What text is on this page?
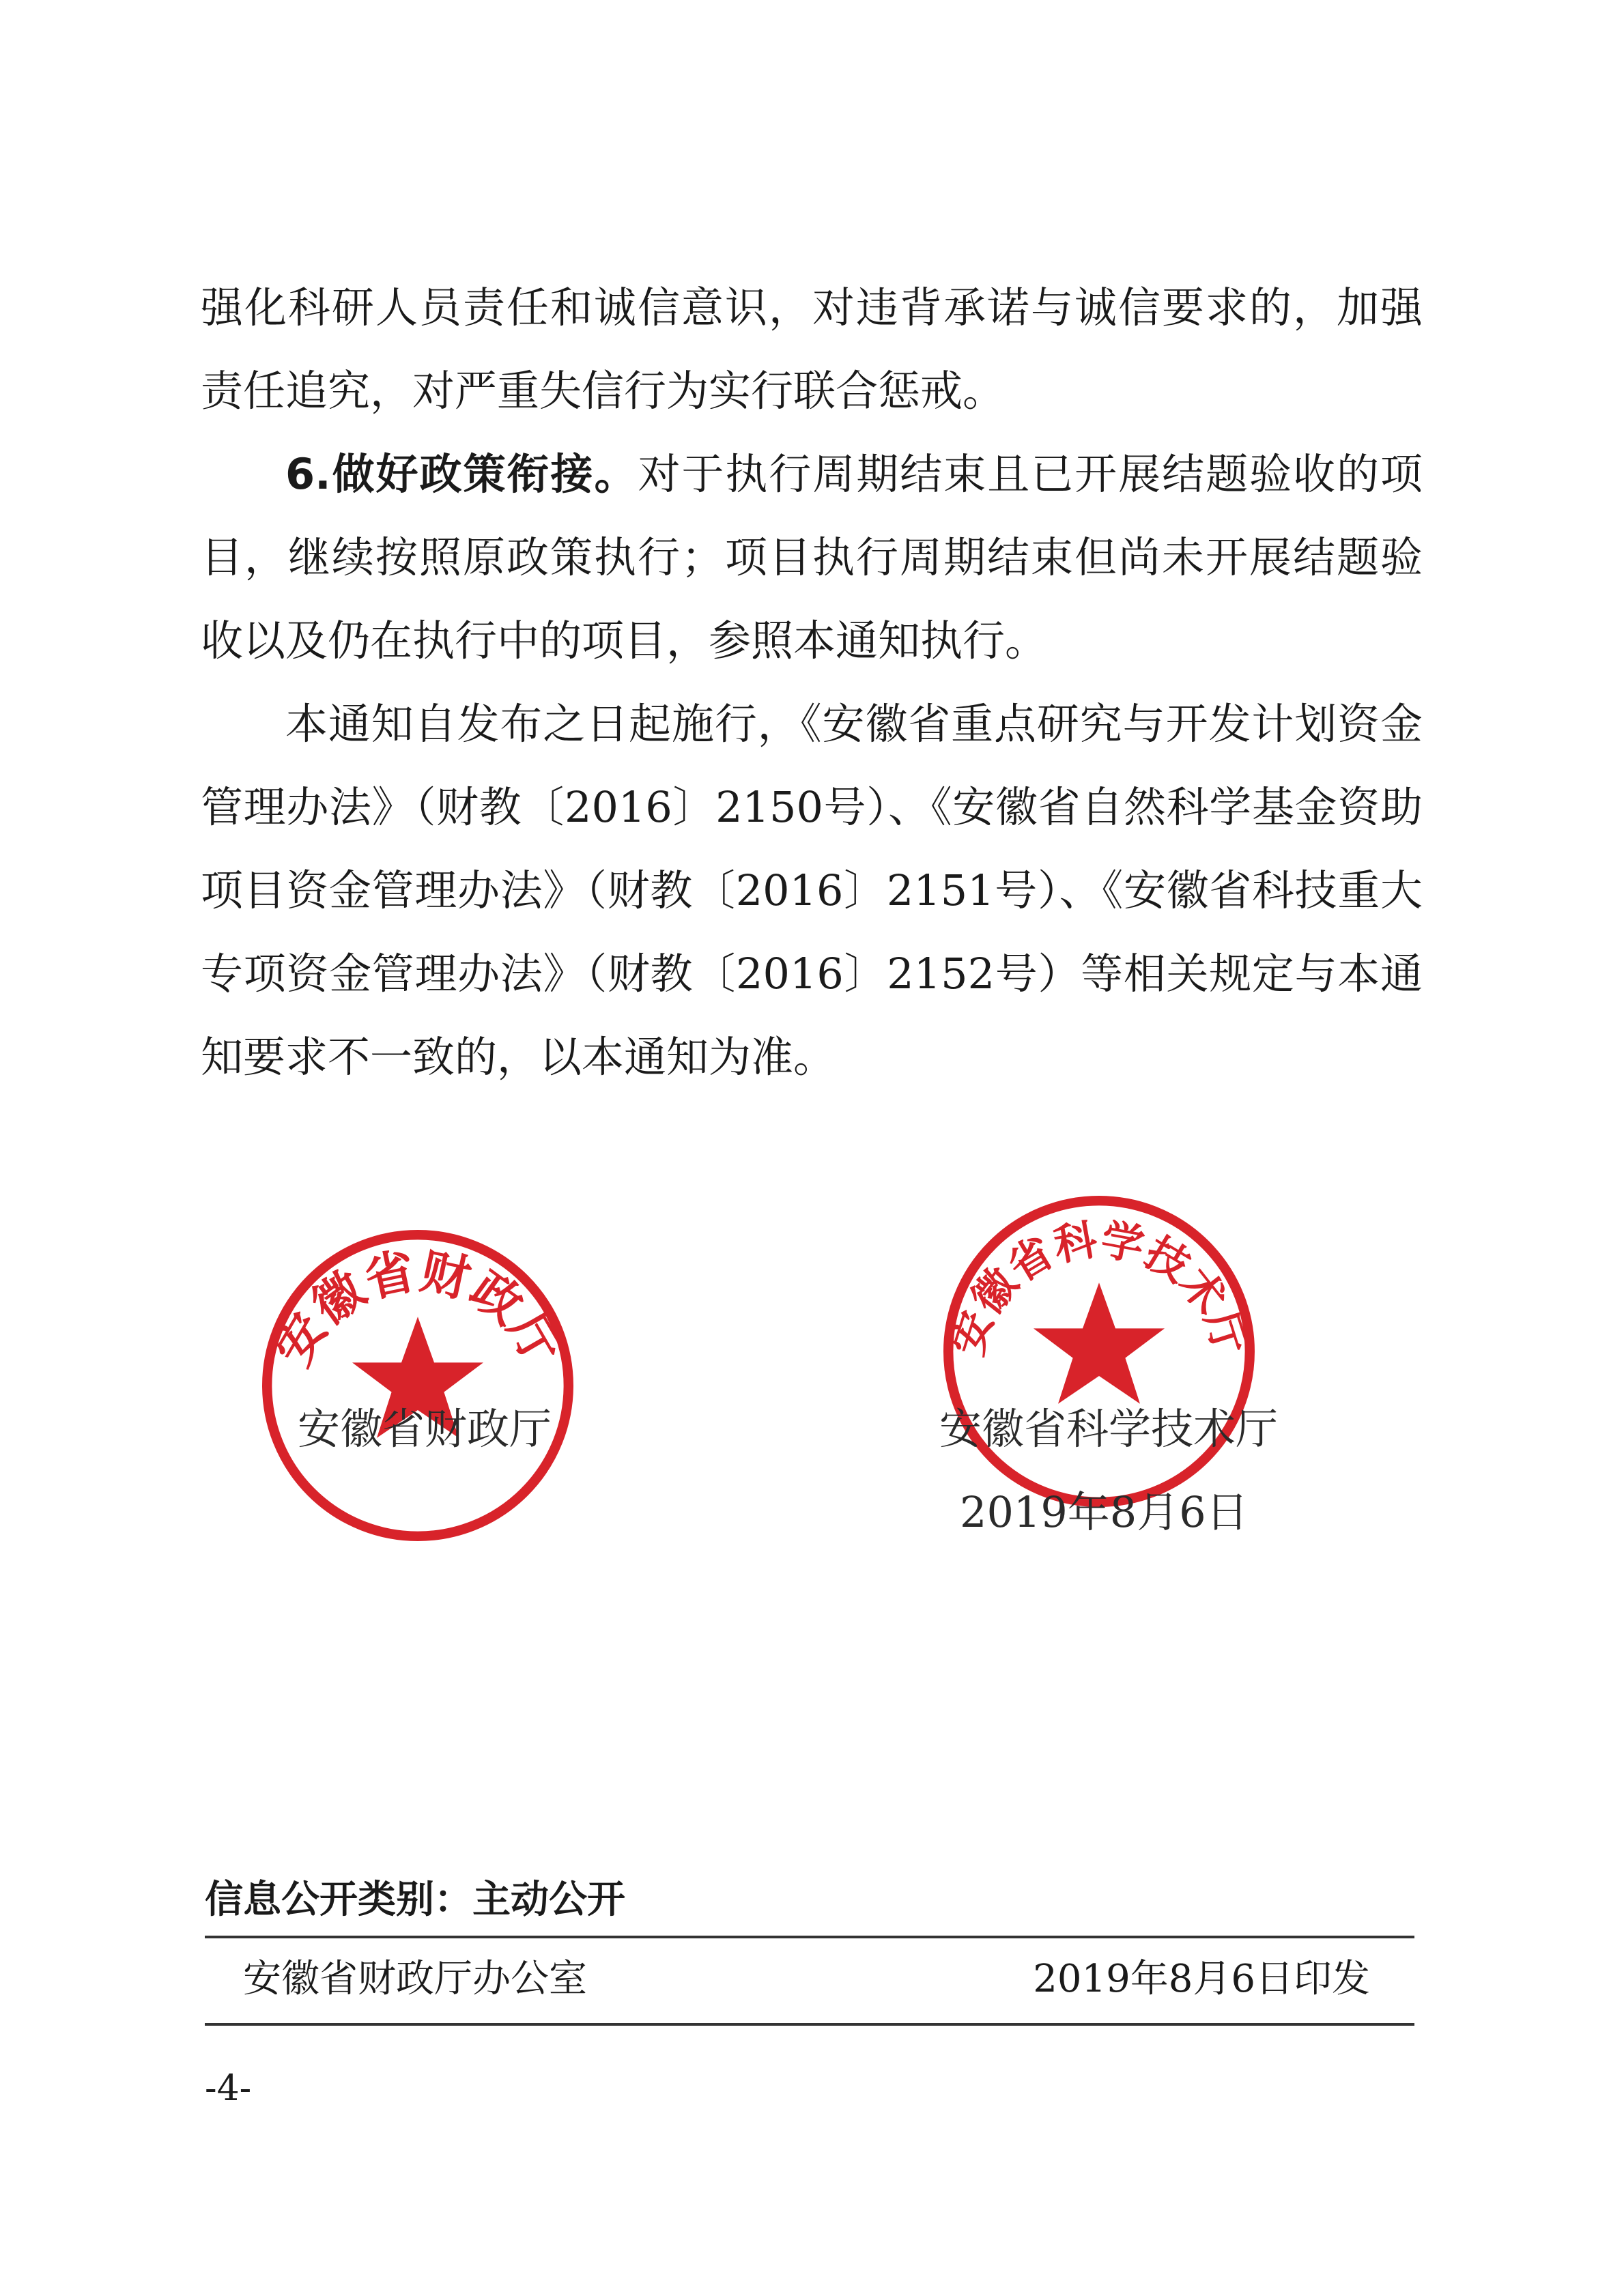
强化科研人员责任和诚信意识，对违背承诺与诚信要求的，加强责任追究，对严重失信行为实行联合惩戒。

6.做好政策衔接。对于执行周期结束且已开展结题验收的项目，继续按照原政策执行；项目执行周期结束但尚未开展结题验收以及仍在执行中的项目，参照本通知执行。

本通知自发布之日起施行，《安徽省重点研究与开发计划资金管理办法》（财教〔2016〕2150号）、《安徽省自然科学基金资助项目资金管理办法》（财教〔2016〕2151号）、《安徽省科技重大专项资金管理办法》（财教〔2016〕2152号）等相关规定与本通知要求不一致的，以本通知为准。

安徽省财政厅	安徽省科学技术厅
安徽省财政厅	安徽省科学技术厅
2019年8月6日
信息公开类别：主动公开
安徽省财政厅办公室	2019年8月6日印发
-4-
